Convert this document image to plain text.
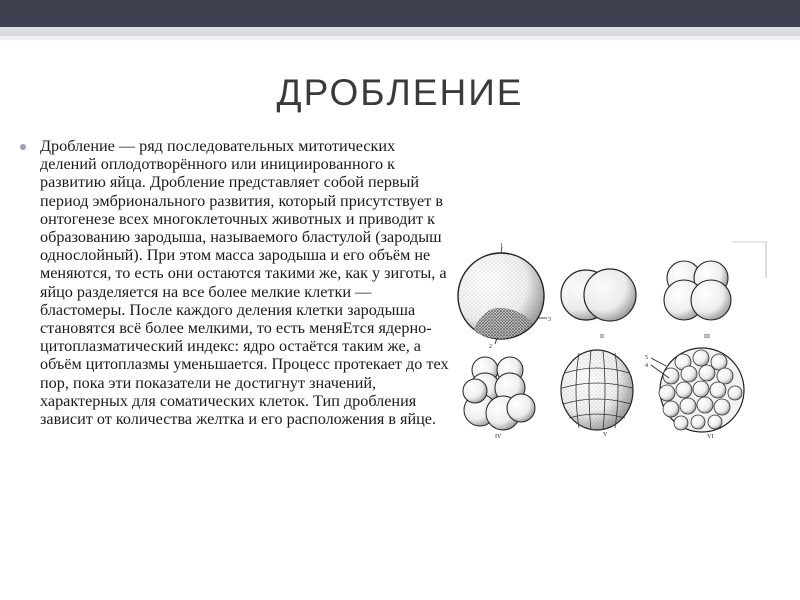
ДРОБЛЕНИЕ

Дробление — ряд последовательных митотических делений оплодотворённого или инициированного к развитию яйца. Дробление представляет собой первый период эмбрионального развития, который присутствует в онтогенезе всех многоклеточных животных и приводит к образованию зародыша, называемого бластулой (зародыш однослойный). При этом масса зародыша и его объём не меняются, то есть они остаются такими же, как у зиготы, а яйцо разделяется на все более мелкие клетки — бластомеры. После каждого деления клетки зародыша становятся всё более мелкими, то есть меняЕтся ядерно-цитоплазматический индекс: ядро остаётся таким же, а объём цитоплазмы уменьшается. Процесс протекает до тех пор, пока эти показатели не достигнут значений, характерных для соматических клеток. Тип дробления зависит от количества желтка и его расположения в яйце.

1
2
3
II	III
IV	V
5
4
VI
